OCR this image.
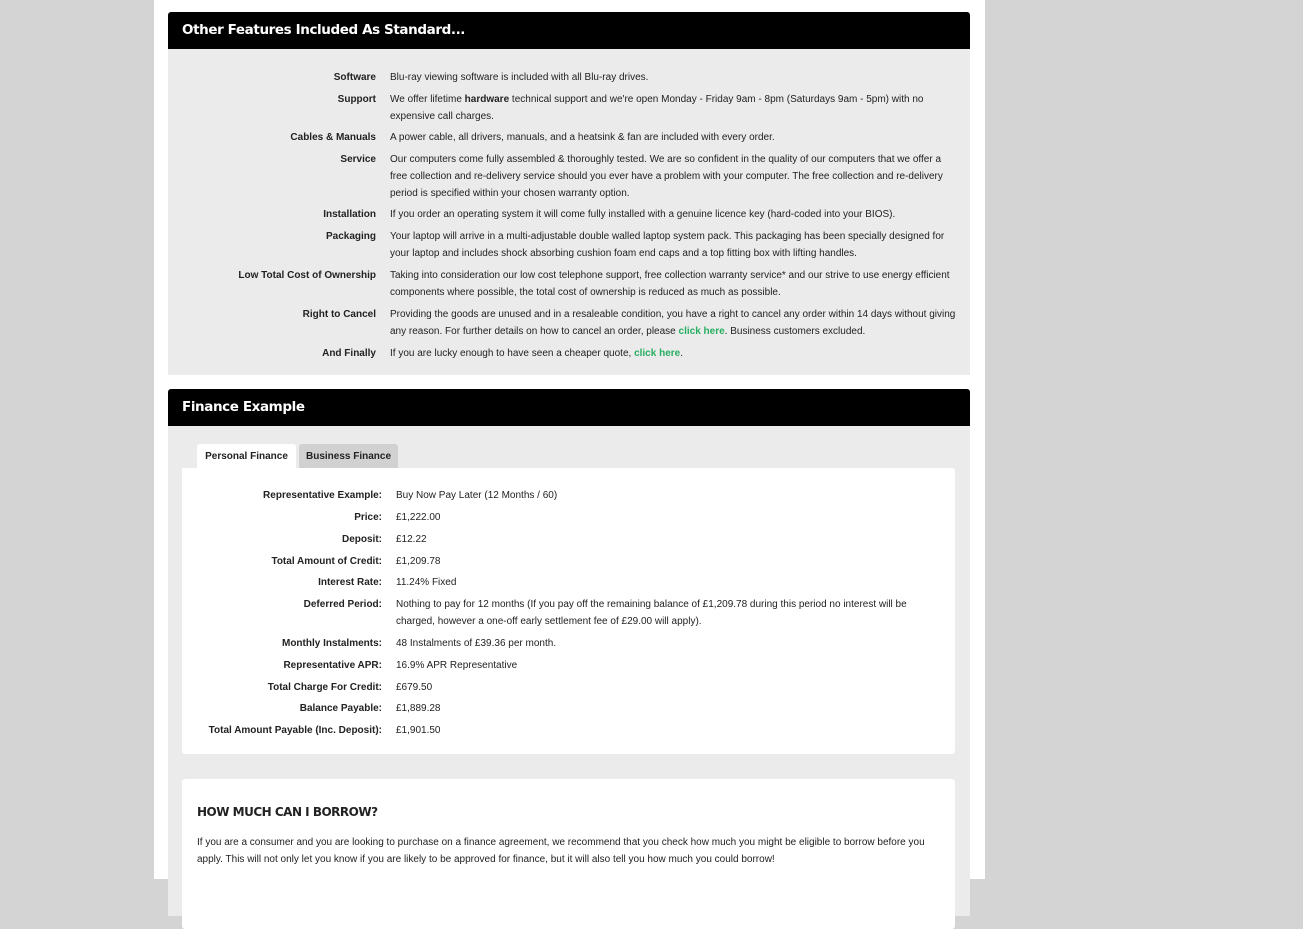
Other Features Included As Standard...
Software Blu-ray viewing software is included with all Blu-ray drives.
Support We offer lifetime hardware technical support and we're open Monday - Friday 9am - 8pm (Saturdays 9am - 5pm) with no expensive call charges.
Cables & Manuals A power cable, all drivers, manuals, and a heatsink & fan are included with every order.
Service Our computers come fully assembled & thoroughly tested. We are so confident in the quality of our computers that we offer a free collection and re-delivery service should you ever have a problem with your computer. The free collection and re-delivery period is specified within your chosen warranty option.
Installation If you order an operating system it will come fully installed with a genuine licence key (hard-coded into your BIOS).
Packaging Your laptop will arrive in a multi-adjustable double walled laptop system pack. This packaging has been specially designed for your laptop and includes shock absorbing cushion foam end caps and a top fitting box with lifting handles.
Low Total Cost of Ownership Taking into consideration our low cost telephone support, free collection warranty service* and our strive to use energy efficient components where possible, the total cost of ownership is reduced as much as possible.
Right to Cancel Providing the goods are unused and in a resaleable condition, you have a right to cancel any order within 14 days without giving any reason. For further details on how to cancel an order, please click here. Business customers excluded.
And Finally If you are lucky enough to have seen a cheaper quote, click here.
Finance Example
Personal Finance	Business Finance
Representative Example: Buy Now Pay Later (12 Months / 60)
Price: £1,222.00
Deposit: £12.22
Total Amount of Credit: £1,209.78
Interest Rate: 11.24% Fixed
Deferred Period: Nothing to pay for 12 months (If you pay off the remaining balance of £1,209.78 during this period no interest will be charged, however a one-off early settlement fee of £29.00 will apply).
Monthly Instalments: 48 Instalments of £39.36 per month.
Representative APR: 16.9% APR Representative
Total Charge For Credit: £679.50
Balance Payable: £1,889.28
Total Amount Payable (Inc. Deposit): £1,901.50
HOW MUCH CAN I BORROW?
If you are a consumer and you are looking to purchase on a finance agreement, we recommend that you check how much you might be eligible to borrow before you apply. This will not only let you know if you are likely to be approved for finance, but it will also tell you how much you could borrow!
